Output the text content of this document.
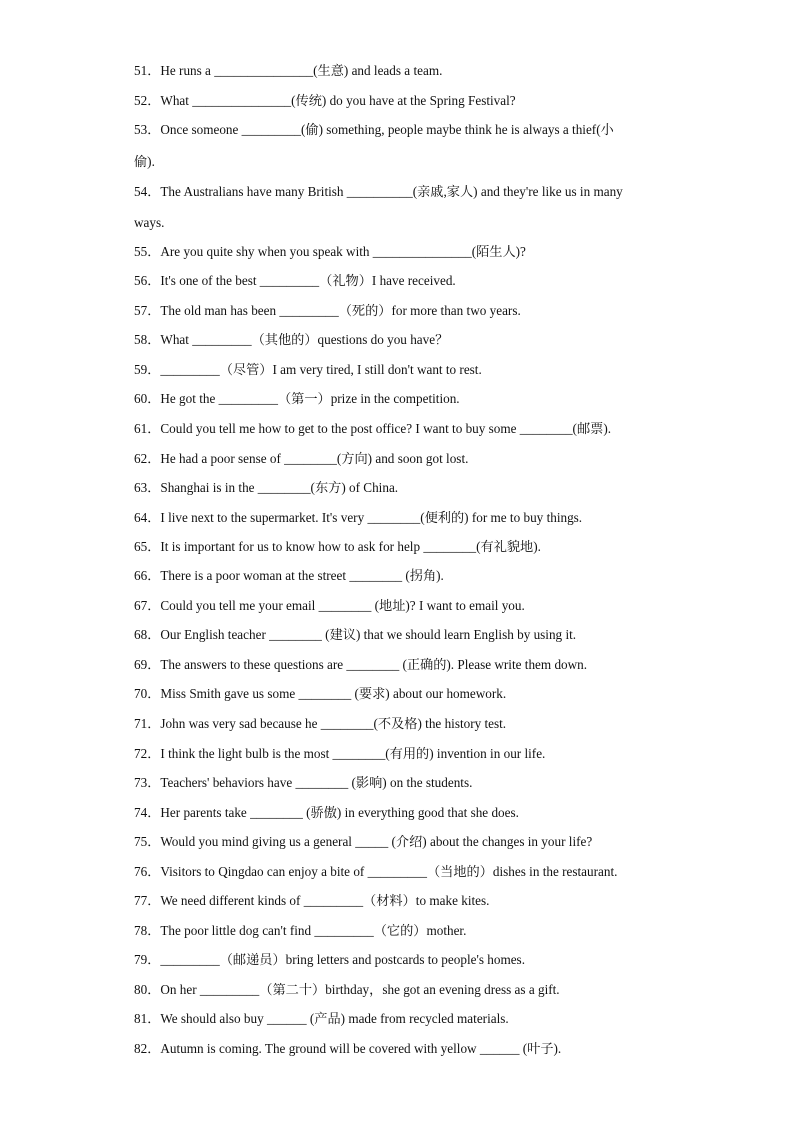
51．He runs a _______________(生意) and leads a team.
52．What _______________(传统) do you have at the Spring Festival?
53．Once someone _________(偷) something, people maybe think he is always a thief(小
偷).
54．The Australians have many British __________(亲戚,家人) and they're like us in many
ways.
55．Are you quite shy when you speak with _______________(陌生人)?
56．It's one of the best _________（礼物）I have received.
57．The old man has been _________（死的）for more than two years.
58．What _________（其他的）questions do you have？
59．_________（尽管）I am very tired, I still don't want to rest.
60．He got the _________（第一）prize in the competition.
61．Could you tell me how to get to the post office? I want to buy some ________(邮票).
62．He had a poor sense of ________(方向) and soon got lost.
63．Shanghai is in the ________(东方) of China.
64．I live next to the supermarket. It's very ________(便利的) for me to buy things.
65．It is important for us to know how to ask for help ________(有礼貌地).
66．There is a poor woman at the street ________ (拐角).
67．Could you tell me your email ________ (地址)? I want to email you.
68．Our English teacher ________ (建议) that we should learn English by using it.
69．The answers to these questions are ________ (正确的). Please write them down.
70．Miss Smith gave us some ________ (要求) about our homework.
71．John was very sad because he ________(不及格) the history test.
72．I think the light bulb is the most ________(有用的) invention in our life.
73．Teachers' behaviors have ________ (影响) on the students.
74．Her parents take ________ (骄傲) in everything good that she does.
75．Would you mind giving us a general _____ (介绍) about the changes in your life?
76．Visitors to Qingdao can enjoy a bite of _________（当地的）dishes in the restaurant.
77．We need different kinds of _________（材料）to make kites.
78．The poor little dog can't find _________（它的）mother.
79．_________（邮递员）bring letters and postcards to people's homes.
80．On her _________（第二十）birthday，she got an evening dress as a gift.
81．We should also buy ______ (产品) made from recycled materials.
82．Autumn is coming. The ground will be covered with yellow ______ (叶子).
